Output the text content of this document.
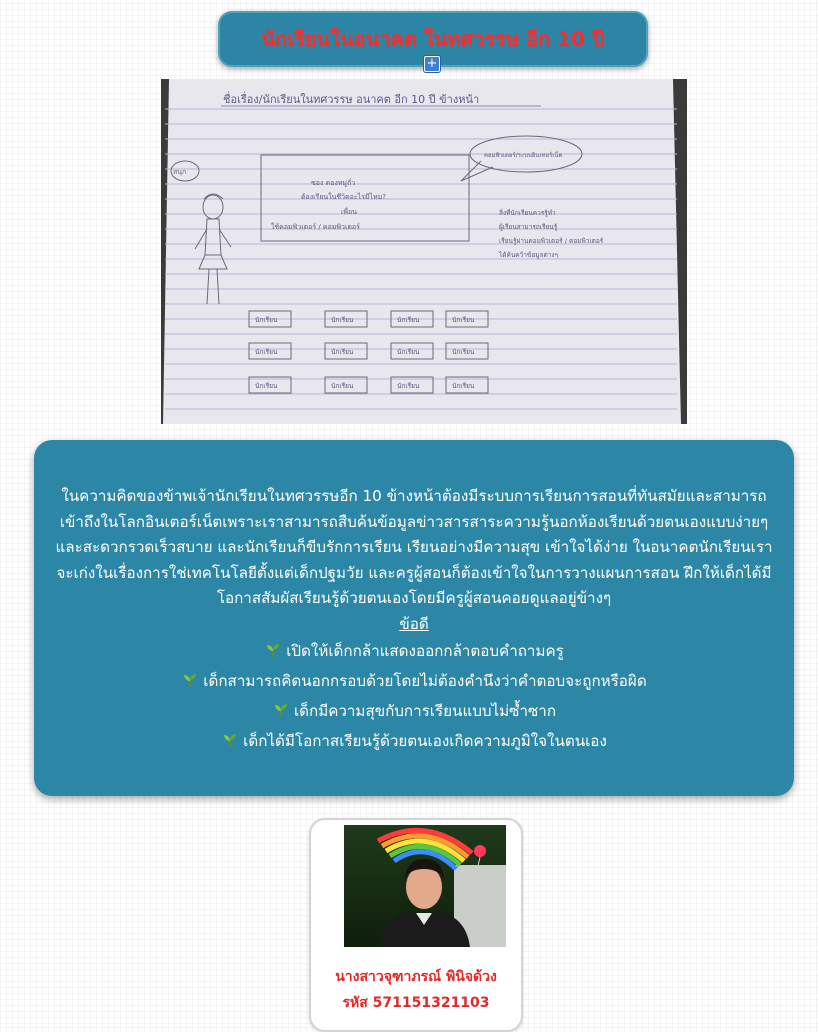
นักเรียนในอนาคต ในทศวรรษ อีก 10 ปี
+
ชื่อเรื่อง/นักเรียนในทศวรรษ อนาคต อีก 10 ปี ข้างหน้า
สนุก
ซอง ดองหมู่ถั่ว
ต้องเรียนในชีวิตอะไรมีไหม?
เพื่อน
ใช้คอมพิวเตอร์ / คอมพิวเตอร์
คอมพิวเตอร์/ระบบอินเทอร์เน็ต
สิ่งที่นักเรียนควรรู้ทำ
ผู้เรียนสามารถเรียนรู้
เรียนรู้ผ่านคอมพิวเตอร์ / คอมพิวเตอร์
ได้ค้นคว้าข้อมูลต่างๆ
นักเรียน	นักเรียน	นักเรียน	นักเรียน
นักเรียน	นักเรียน	นักเรียน	นักเรียน
นักเรียน	นักเรียน	นักเรียน	นักเรียน
ในความคิดของข้าพเจ้านักเรียนในทศวรรษอีก 10 ข้างหน้าต้องมีระบบการเรียนการสอนที่ทันสมัยและสามารถเข้าถึงในโลกอินเตอร์เน็ตเพราะเราสามารถสืบค้นข้อมูลข่าวสารสาระความรู้นอกห้องเรียนด้วยตนเองแบบง่ายๆ และสะดวกรวดเร็วสบาย และนักเรียนก็ขีบรักการเรียน เรียนอย่างมีความสุข เข้าใจได้ง่าย ในอนาคตนักเรียนเราจะเก่งในเรื่องการใช่เทคโนโลยีตั้งแต่เด็กปฐมวัย และครูผู้สอนก็ต้องเข้าใจในการวางแผนการสอน ฝึกให้เด็กได้มีโอกาสสัมผัสเรียนรู้ด้วยตนเองโดยมีครูผู้สอนคอยดูแลอยู่ข้างๆ
ข้อดี
เปิดให้เด็กกล้าแสดงออกกล้าตอบคำถามครู
เด็กสามารถคิดนอกกรอบด้วยโดยไม่ต้องคำนึงว่าคำตอบจะถูกหรือผิด
เด็กมีความสุขกับการเรียนแบบไม่ซ้ำซาก
เด็กได้มีโอกาสเรียนรู้ด้วยตนเองเกิดความภูมิใจในตนเอง
นางสาวจุฑาภรณ์ พินิจด้วง
รหัส 571151321103
